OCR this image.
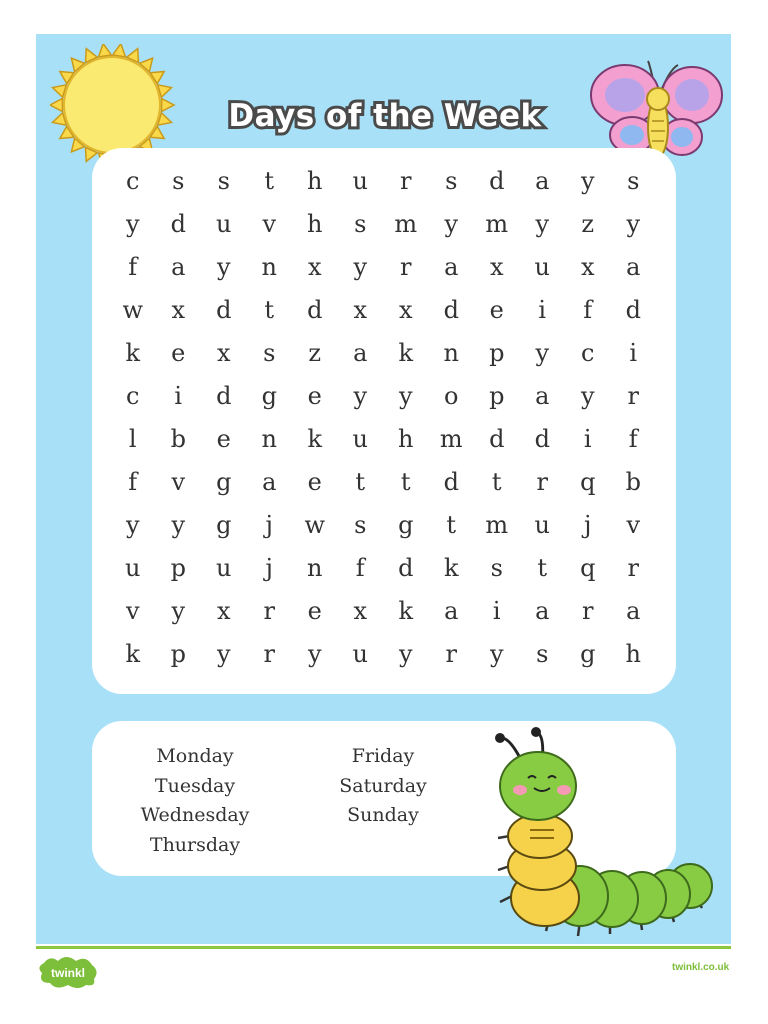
Days of the Week
c	s	s	t	h	u	r	s	d	a	y	s
y	d	u	v	h	s	m	y	m	y	z	y
f	a	y	n	x	y	r	a	x	u	x	a
w	x	d	t	d	x	x	d	e	i	f	d
k	e	x	s	z	a	k	n	p	y	c	i
c	i	d	g	e	y	y	o	p	a	y	r
l	b	e	n	k	u	h	m	d	d	i	f
f	v	g	a	e	t	t	d	t	r	q	b
y	y	g	j	w	s	g	t	m	u	j	v
u	p	u	j	n	f	d	k	s	t	q	r
v	y	x	r	e	x	k	a	i	a	r	a
k	p	y	r	y	u	y	r	y	s	g	h
Monday
Tuesday
Wednesday
Thursday
Friday
Saturday
Sunday
twinkl	twinkl.co.uk
